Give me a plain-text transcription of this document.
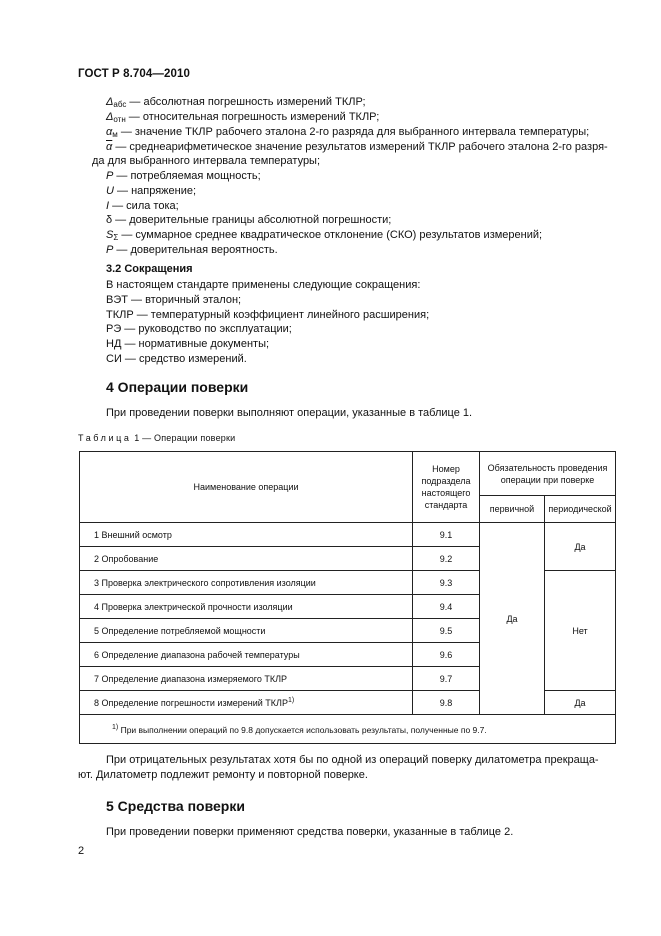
ГОСТ Р 8.704—2010
$\Delta_{абс}$ — абсолютная погрешность измерений ТКЛР;
$\Delta_{отн}$ — относительная погрешность измерений ТКЛР;
$\alpha_м$ — значение ТКЛР рабочего эталона 2-го разряда для выбранного интервала температуры;
$\overline{\alpha}$ — среднеарифметическое значение результатов измерений ТКЛР рабочего эталона 2-го разря-
да для выбранного интервала температуры;
P — потребляемая мощность;
U — напряжение;
I — сила тока;
δ — доверительные границы абсолютной погрешности;
$S_\Sigma$ — суммарное среднее квадратическое отклонение (СКО) результатов измерений;
P — доверительная вероятность.
3.2 Сокращения
В настоящем стандарте применены следующие сокращения:
ВЭТ — вторичный эталон;
ТКЛР — температурный коэффициент линейного расширения;
РЭ — руководство по эксплуатации;
НД — нормативные документы;
СИ — средство измерений.
4 Операции поверки
При проведении поверки выполняют операции, указанные в таблице 1.
Таблица 1 — Операции поверки
Наименование операции	Номер подраздела настоящего стандарта	Обязательность проведения операции при поверке	
		первичной	периодической
1 Внешний осмотр	9.1	Да	Да
2 Опробование	9.2		
3 Проверка электрического сопротивления изоляции	9.3		Нет
4 Проверка электрической прочности изоляции	9.4		
5 Определение потребляемой мощности	9.5		
6 Определение диапазона рабочей температуры	9.6		
7 Определение диапазона измеряемого ТКЛР	9.7		
8 Определение погрешности измерений ТКЛР$^{1)}$	9.8		Да
$^{1)}$ При выполнении операций по 9.8 допускается использовать результаты, полученные по 9.7.			
При отрицательных результатах хотя бы по одной из операций поверку дилатометра прекраща-
ют. Дилатометр подлежит ремонту и повторной поверке.
5 Средства поверки
При проведении поверки применяют средства поверки, указанные в таблице 2.
2
